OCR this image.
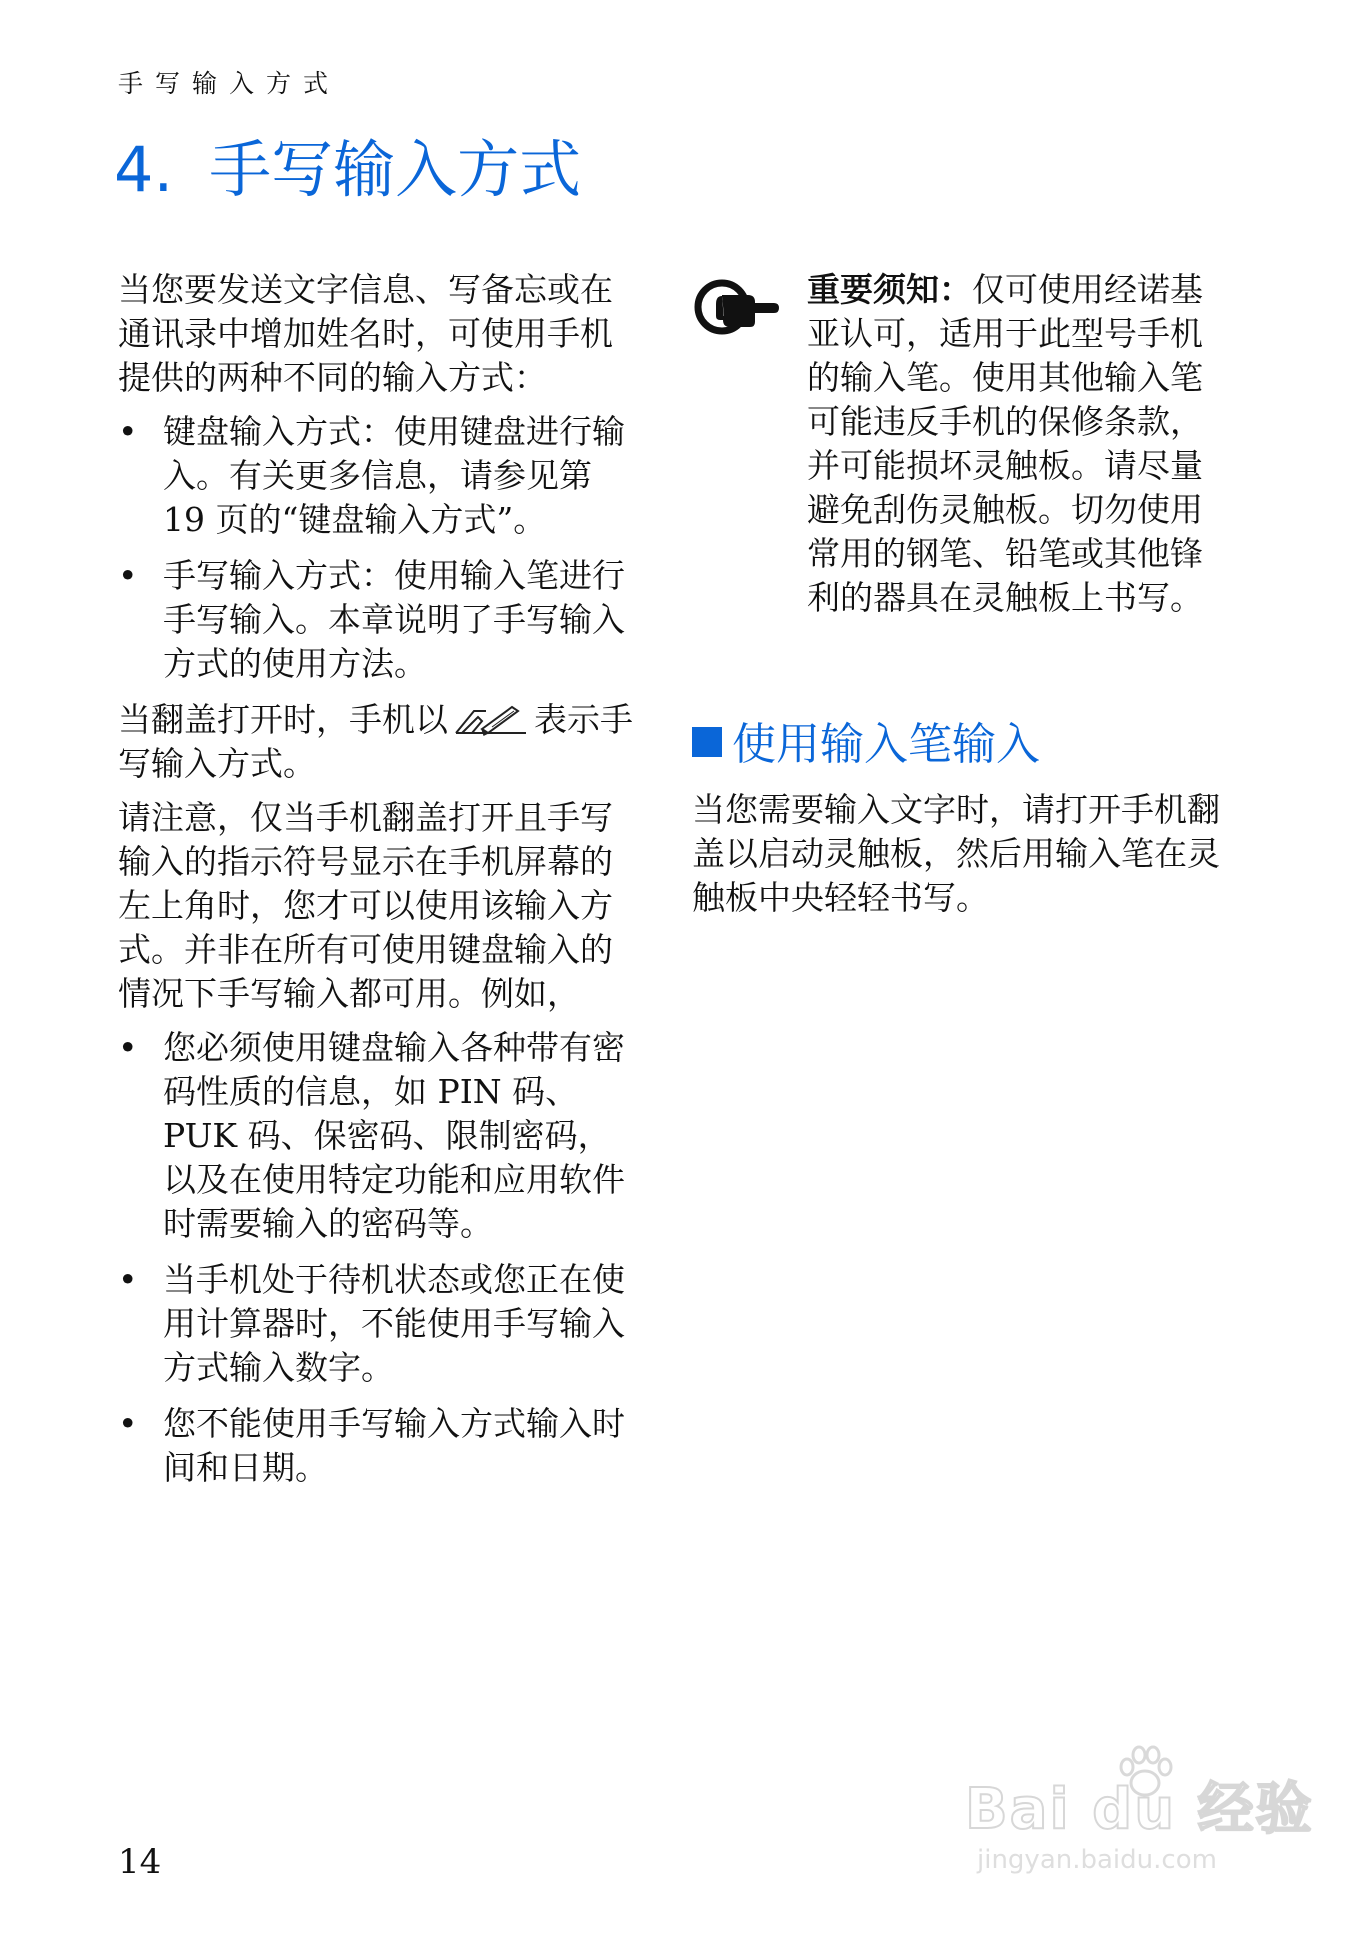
手写输入方式
4. 手写输入方式

当您要发送文字信息、写备忘或在通讯录中增加姓名时，可使用手机提供的两种不同的输入方式：

• 键盘输入方式：使用键盘进行输入。有关更多信息，请参见第 19 页的“键盘输入方式”。
• 手写输入方式：使用输入笔进行手写输入。本章说明了手写输入方式的使用方法。

当翻盖打开时，手机以	表示手写输入方式。

请注意，仅当手机翻盖打开且手写输入的指示符号显示在手机屏幕的左上角时，您才可以使用该输入方式。并非在所有可使用键盘输入的情况下手写输入都可用。例如，

• 您必须使用键盘输入各种带有密码性质的信息，如 PIN 码、PUK 码、保密码、限制密码，以及在使用特定功能和应用软件时需要输入的密码等。
• 当手机处于待机状态或您正在使用计算器时，不能使用手写输入方式输入数字。
• 您不能使用手写输入方式输入时间和日期。

重要须知：仅可使用经诺基亚认可，适用于此型号手机的输入笔。使用其他输入笔可能违反手机的保修条款，并可能损坏灵触板。请尽量避免刮伤灵触板。切勿使用常用的钢笔、铅笔或其他锋利的器具在灵触板上书写。

使用输入笔输入

当您需要输入文字时，请打开手机翻盖以启动灵触板，然后用输入笔在灵触板中央轻轻书写。

14
Bai du 经验
jingyan.baidu.com
